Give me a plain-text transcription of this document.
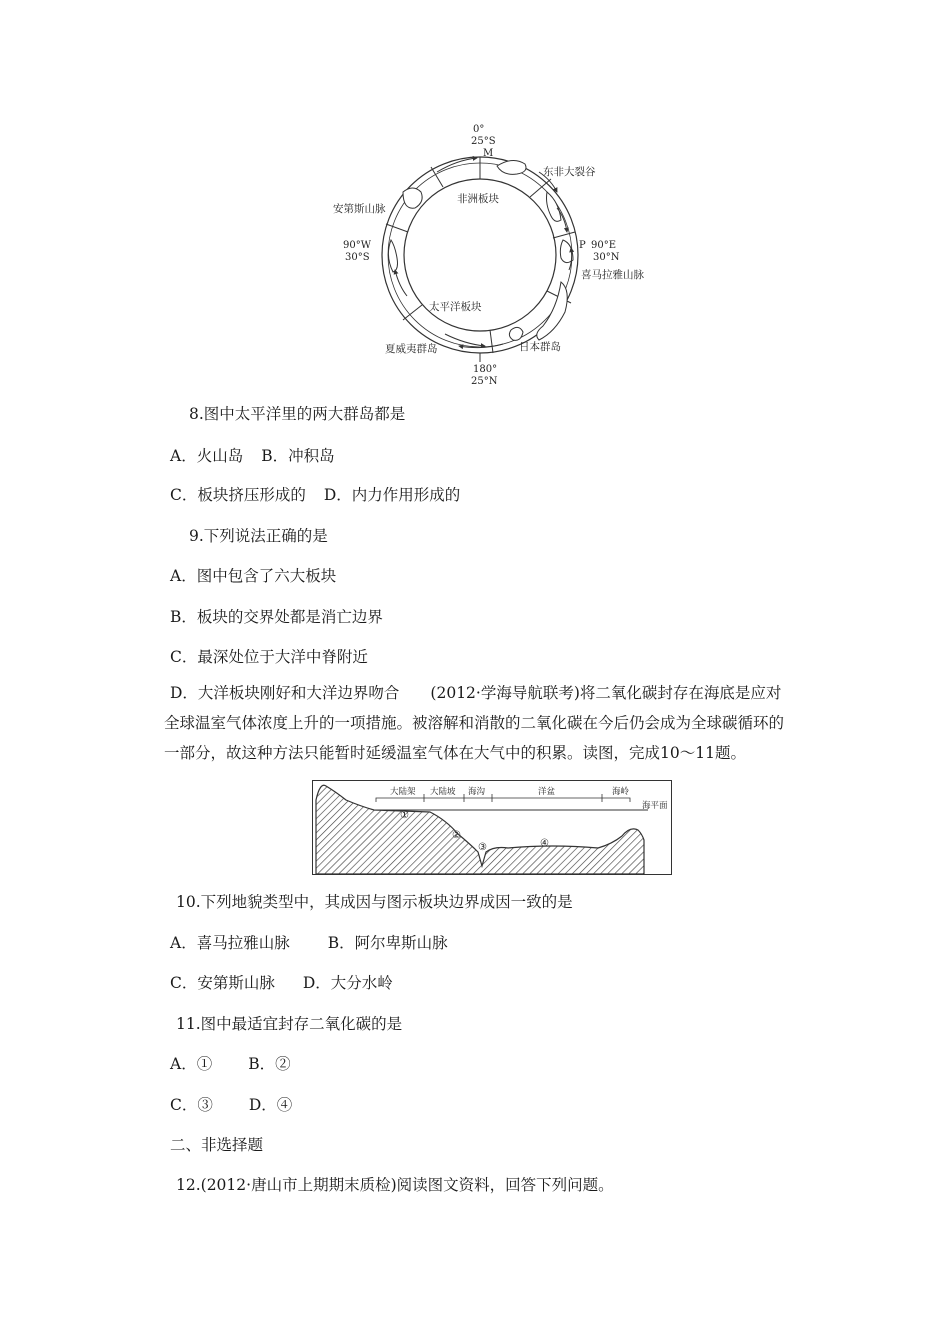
0°
25°S
M
东非大裂谷
安第斯山脉
非洲板块
P 90°E
30°N
喜马拉雅山脉
90°W
30°S
太平洋板块
夏威夷群岛	日本群岛
180°
25°N
8.图中太平洋里的两大群岛都是
A．火山岛 B．冲积岛
C．板块挤压形成的 D．内力作用形成的
9.下列说法正确的是
A．图中包含了六大板块
B．板块的交界处都是消亡边界
C．最深处位于大洋中脊附近
D．大洋板块刚好和大洋边界吻合　　(2012·学海导航联考)将二氧化碳封存在海底是应对全球温室气体浓度上升的一项措施。被溶解和消散的二氧化碳在今后仍会成为全球碳循环的一部分，故这种方法只能暂时延缓温室气体在大气中的积累。读图，完成10～11题。
大陆架 大陆坡 海沟	洋盆	海岭
海平面
①
②
③	④
10.下列地貌类型中，其成因与图示板块边界成因一致的是
A．喜马拉雅山脉 B．阿尔卑斯山脉
C．安第斯山脉 D．大分水岭
11.图中最适宜封存二氧化碳的是
A．① B．②
C．③ D．④
二、非选择题
12.(2012·唐山市上期期末质检)阅读图文资料，回答下列问题。
